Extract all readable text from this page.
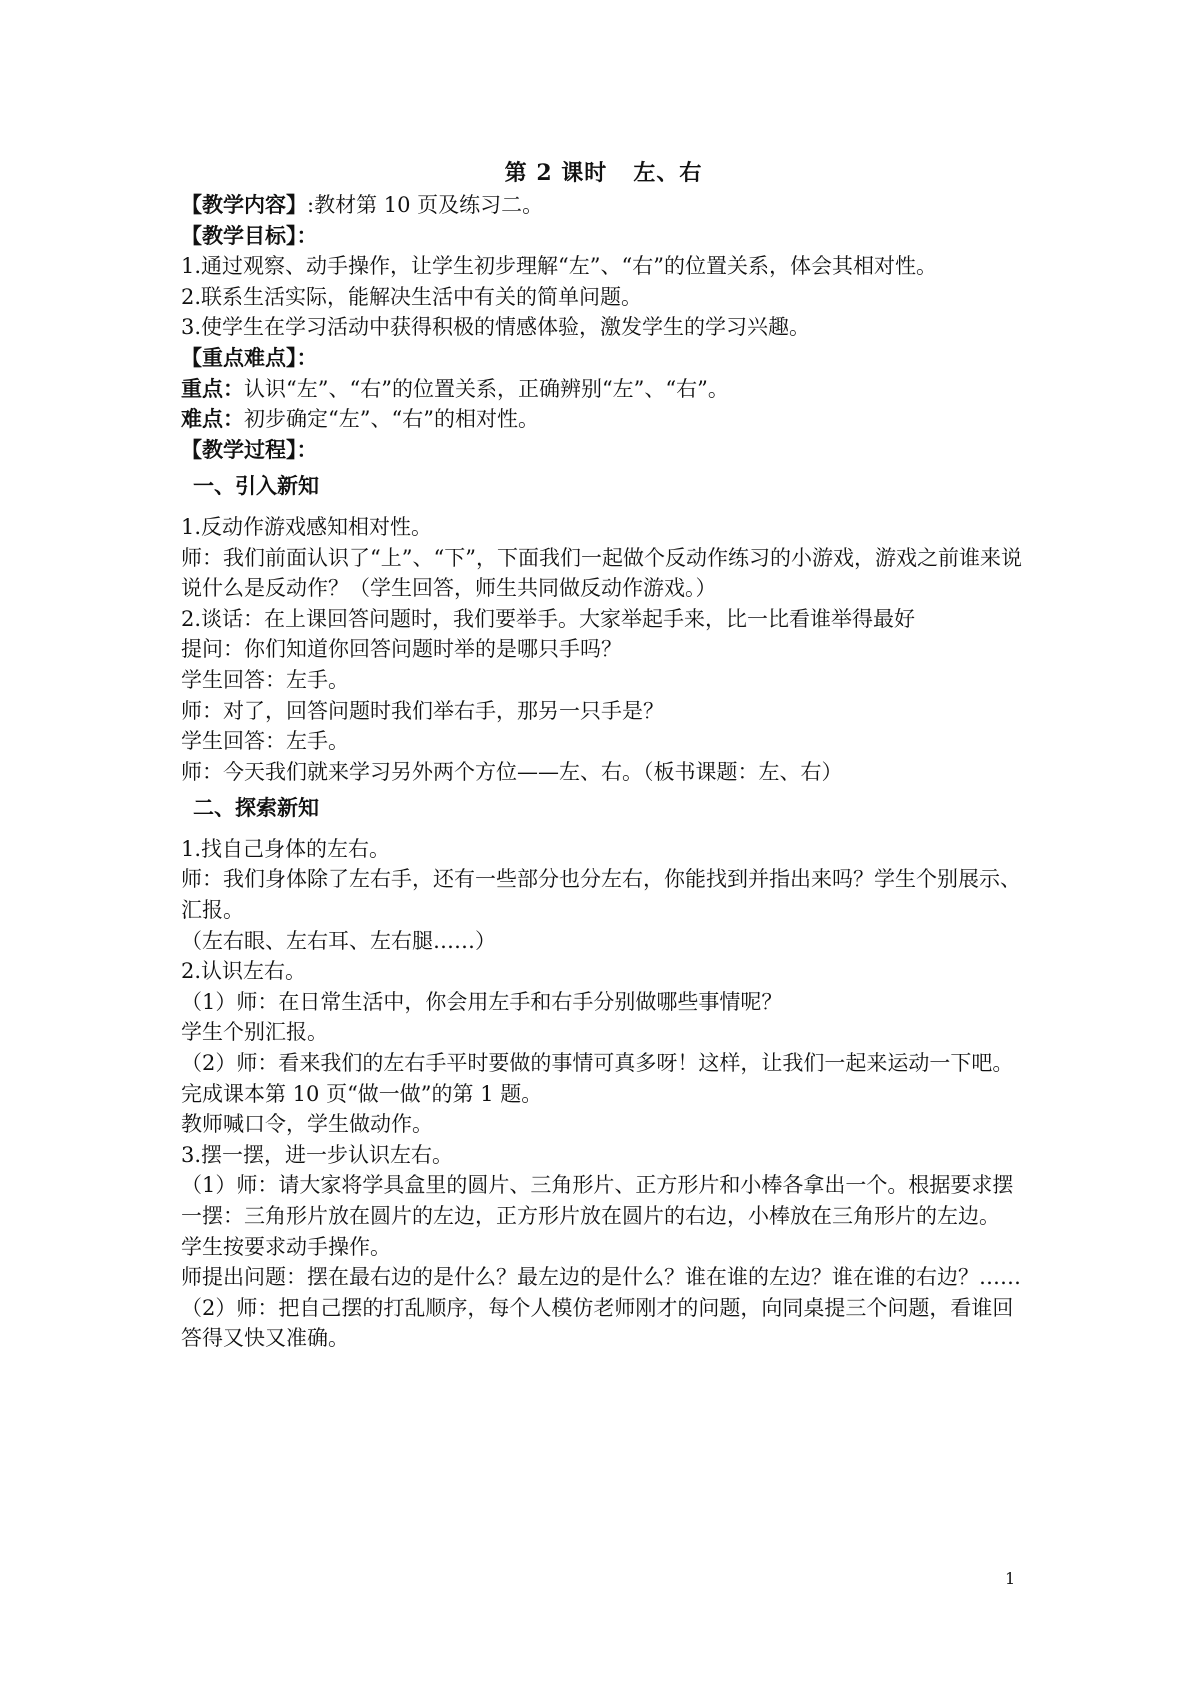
第 2 课时 左、右

【教学内容】:教材第 10 页及练习二。

【教学目标】：

1.通过观察、动手操作，让学生初步理解“左”、“右”的位置关系，体会其相对性。

2.联系生活实际，能解决生活中有关的简单问题。

3.使学生在学习活动中获得积极的情感体验，激发学生的学习兴趣。

【重点难点】：

重点：认识“左”、“右”的位置关系，正确辨别“左”、“右”。

难点：初步确定“左”、“右”的相对性。

【教学过程】：

一、引入新知

1.反动作游戏感知相对性。

师：我们前面认识了“上”、“下”，下面我们一起做个反动作练习的小游戏，游戏之前谁来说说什么是反动作？（学生回答，师生共同做反动作游戏。）

2.谈话：在上课回答问题时，我们要举手。大家举起手来，比一比看谁举得最好

提问：你们知道你回答问题时举的是哪只手吗？

学生回答：左手。

师：对了，回答问题时我们举右手，那另一只手是？

学生回答：左手。

师：今天我们就来学习另外两个方位——左、右。（板书课题：左、右）

二、探索新知

1.找自己身体的左右。

师：我们身体除了左右手，还有一些部分也分左右，你能找到并指出来吗？学生个别展示、汇报。

（左右眼、左右耳、左右腿……）

2.认识左右。

（1）师：在日常生活中，你会用左手和右手分别做哪些事情呢？

学生个别汇报。

（2）师：看来我们的左右手平时要做的事情可真多呀！这样，让我们一起来运动一下吧。

完成课本第 10 页“做一做”的第 1 题。

教师喊口令，学生做动作。

3.摆一摆，进一步认识左右。

（1）师：请大家将学具盒里的圆片、三角形片、正方形片和小棒各拿出一个。根据要求摆一摆：三角形片放在圆片的左边，正方形片放在圆片的右边，小棒放在三角形片的左边。

学生按要求动手操作。

师提出问题：摆在最右边的是什么？最左边的是什么？谁在谁的左边？谁在谁的右边？……

（2）师：把自己摆的打乱顺序，每个人模仿老师刚才的问题，向同桌提三个问题，看谁回答得又快又准确。

1
